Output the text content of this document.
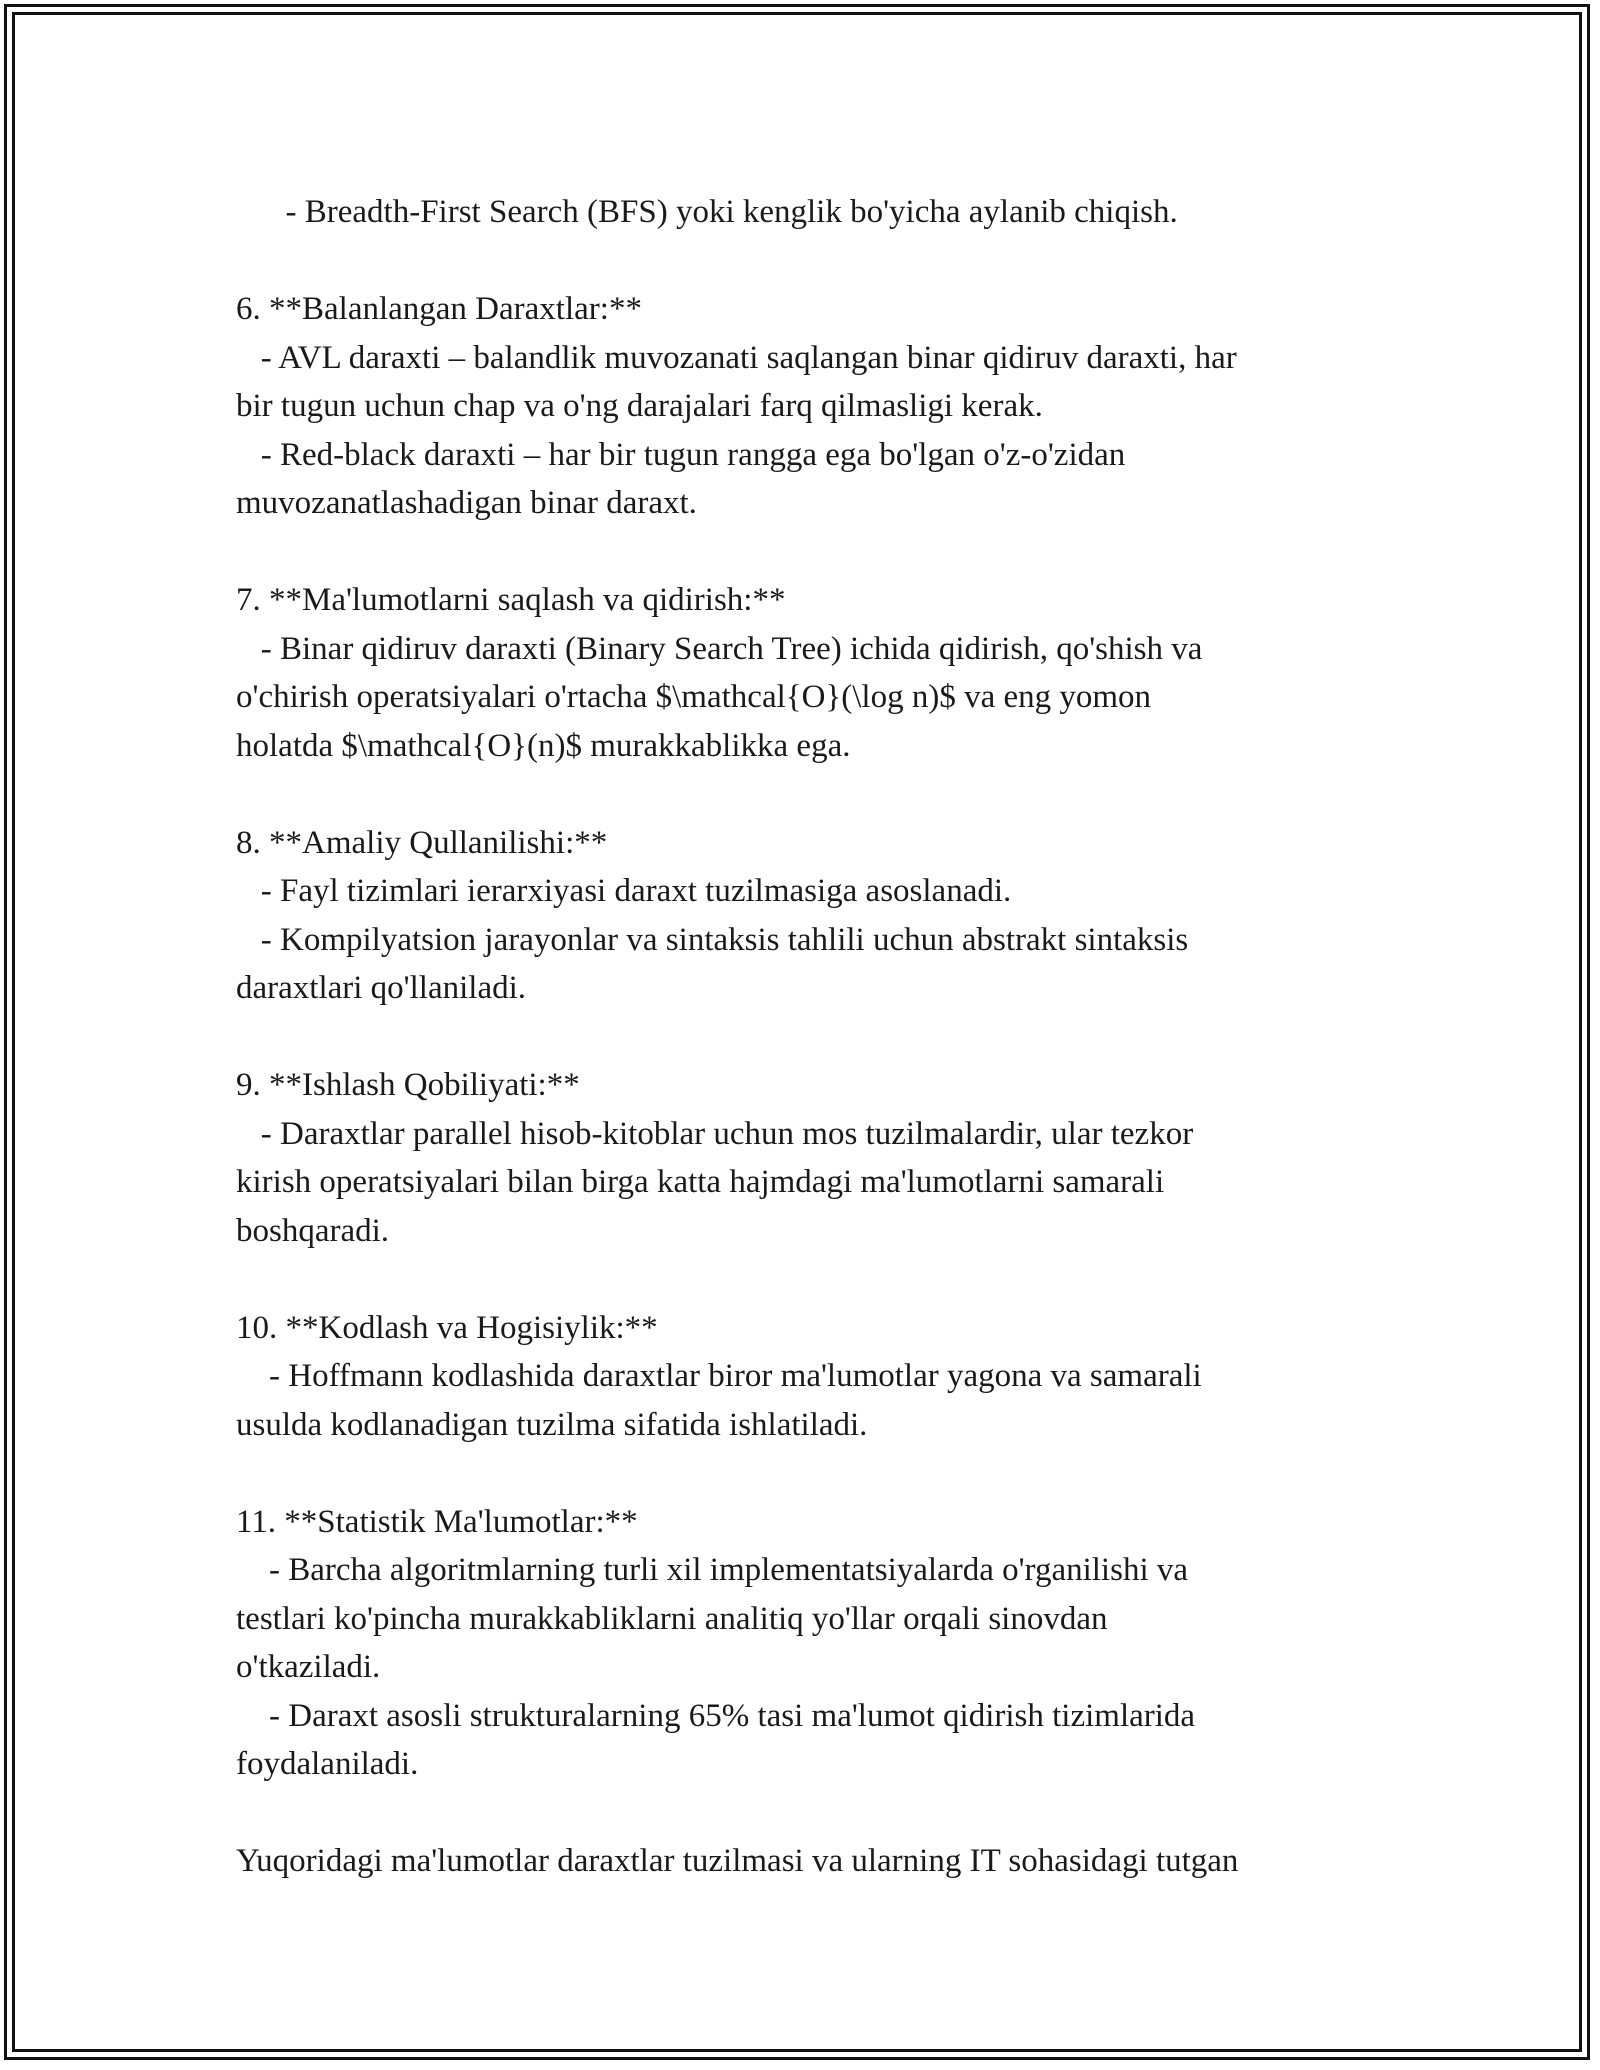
- Breadth-First Search (BFS) yoki kenglik bo'yicha aylanib chiqish.

6. **Balanlangan Daraxtlar:**

- AVL daraxti – balandlik muvozanati saqlangan binar qidiruv daraxti, har

bir tugun uchun chap va o'ng darajalari farq qilmasligi kerak.

- Red-black daraxti – har bir tugun rangga ega bo'lgan o'z-o'zidan

muvozanatlashadigan binar daraxt.

7. **Ma'lumotlarni saqlash va qidirish:**

- Binar qidiruv daraxti (Binary Search Tree) ichida qidirish, qo'shish va

o'chirish operatsiyalari o'rtacha $\mathcal{O}(\log n)$ va eng yomon

holatda $\mathcal{O}(n)$ murakkablikka ega.

8. **Amaliy Qullanilishi:**

- Fayl tizimlari ierarxiyasi daraxt tuzilmasiga asoslanadi.

- Kompilyatsion jarayonlar va sintaksis tahlili uchun abstrakt sintaksis

daraxtlari qo'llaniladi.

9. **Ishlash Qobiliyati:**

- Daraxtlar parallel hisob-kitoblar uchun mos tuzilmalardir, ular tezkor

kirish operatsiyalari bilan birga katta hajmdagi ma'lumotlarni samarali

boshqaradi.

10. **Kodlash va Hogisiylik:**

- Hoffmann kodlashida daraxtlar biror ma'lumotlar yagona va samarali

usulda kodlanadigan tuzilma sifatida ishlatiladi.

11. **Statistik Ma'lumotlar:**

- Barcha algoritmlarning turli xil implementatsiyalarda o'rganilishi va

testlari ko'pincha murakkabliklarni analitiq yo'llar orqali sinovdan

o'tkaziladi.

- Daraxt asosli strukturalarning 65% tasi ma'lumot qidirish tizimlarida

foydalaniladi.

Yuqoridagi ma'lumotlar daraxtlar tuzilmasi va ularning IT sohasidagi tutgan
